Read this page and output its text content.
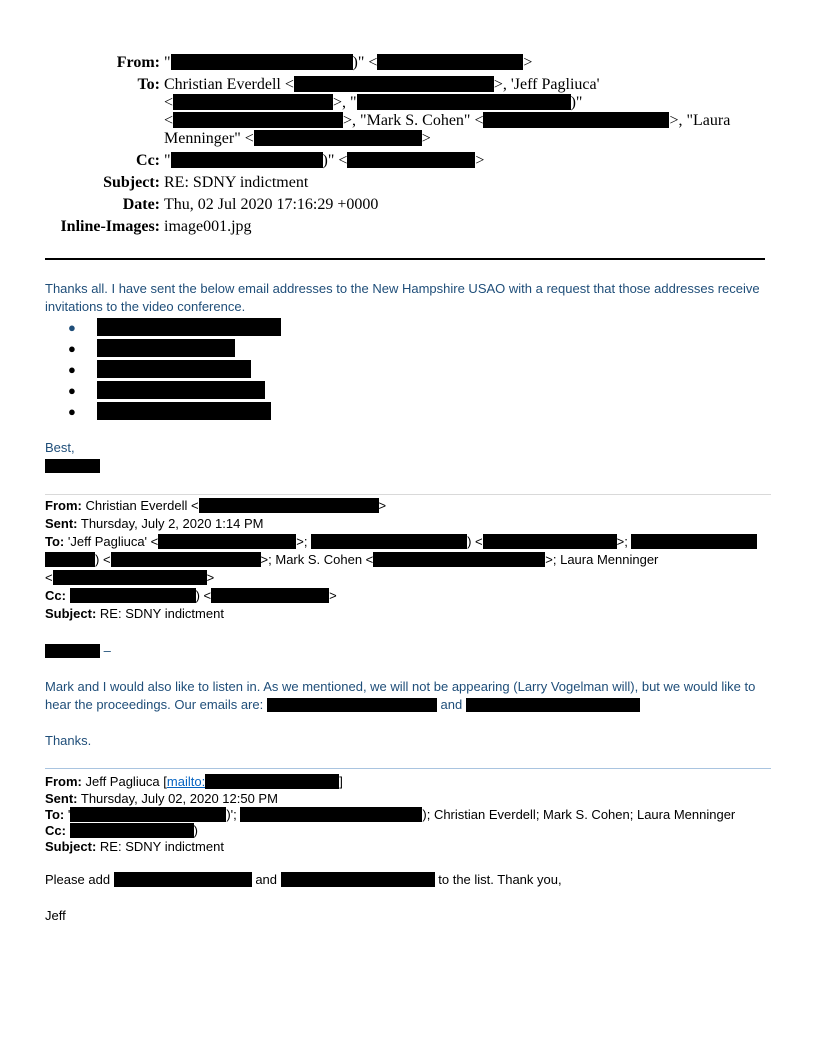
From: "	)" <	>
To: Christian Everdell <	>, 'Jeff Pagliuca'
<	>, "	)"
<	>, "Mark S. Cohen" <	>, "Laura
Menninger" <	>
Cc: "	)" <	>
Subject: RE: SDNY indictment
Date: Thu, 02 Jul 2020 17:16:29 +0000
Inline-Images: image001.jpg
Thanks all. I have sent the below email addresses to the New Hampshire USAO with a request that those addresses receive invitations to the video conference.
●
●
●
●
●
Best,
From: Christian Everdell <	>
Sent: Thursday, July 2, 2020 1:14 PM
To: 'Jeff Pagliuca' <	>;	) <	>;
) <	>; Mark S. Cohen <	>; Laura Menninger
<	>
Cc:	) <	>
Subject: RE: SDNY indictment
–
Mark and I would also like to listen in. As we mentioned, we will not be appearing (Larry Vogelman will), but we would like to hear the proceedings. Our emails are:	and
Thanks.
From: Jeff Pagliuca [mailto:	]
Sent: Thursday, July 02, 2020 12:50 PM
To: '	)';	); Christian Everdell; Mark S. Cohen; Laura Menninger
Cc:	)
Subject: RE: SDNY indictment
Please add	and	to the list. Thank you,
Jeff
